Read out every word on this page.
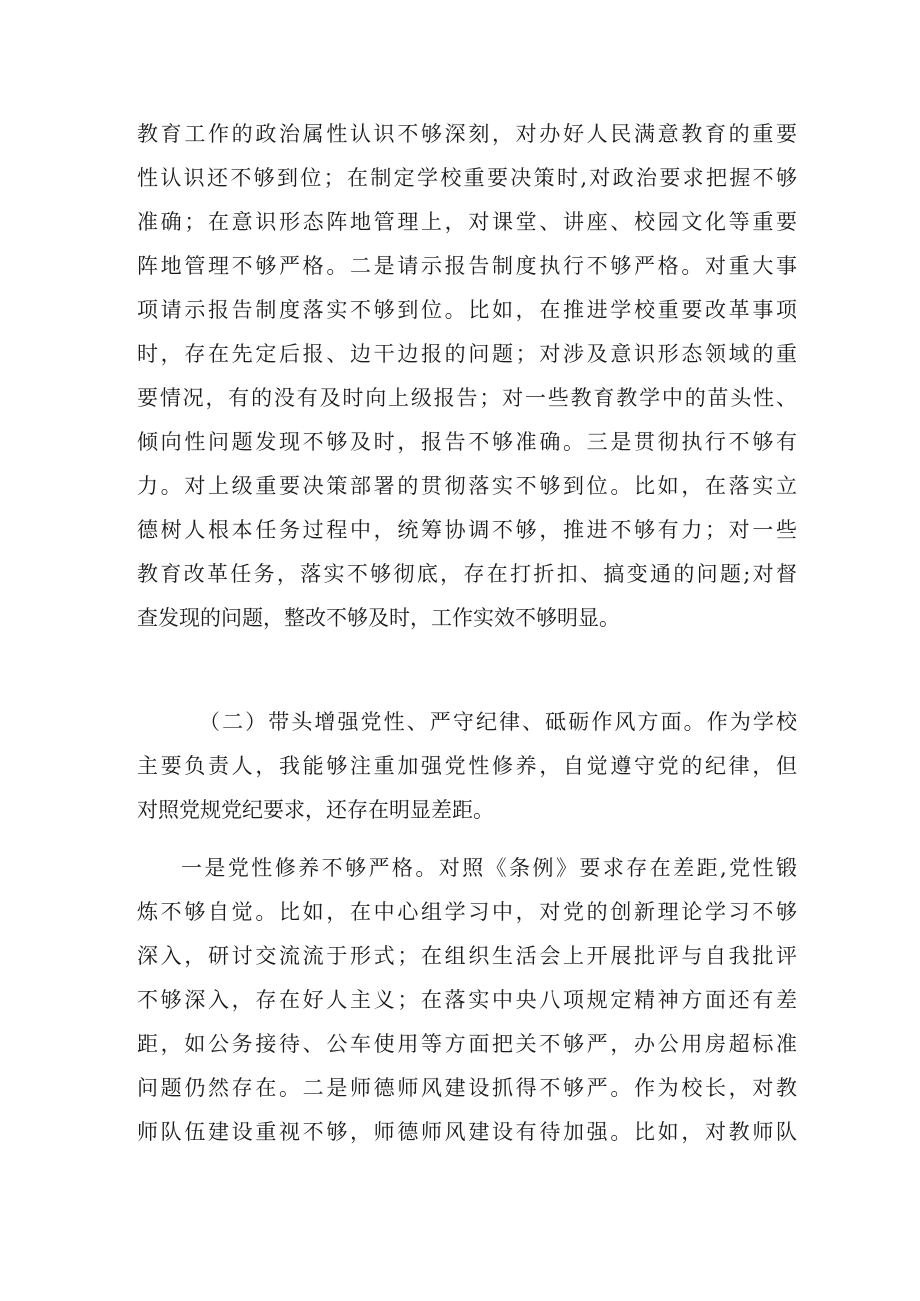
教育工作的政治属性认识不够深刻，对办好人民满意教育的重要
性认识还不够到位；在制定学校重要决策时,对政治要求把握不够
准确；在意识形态阵地管理上，对课堂、讲座、校园文化等重要
阵地管理不够严格。二是请示报告制度执行不够严格。对重大事
项请示报告制度落实不够到位。比如，在推进学校重要改革事项
时，存在先定后报、边干边报的问题；对涉及意识形态领域的重
要情况，有的没有及时向上级报告；对一些教育教学中的苗头性、
倾向性问题发现不够及时，报告不够准确。三是贯彻执行不够有
力。对上级重要决策部署的贯彻落实不够到位。比如，在落实立
德树人根本任务过程中，统筹协调不够，推进不够有力；对一些
教育改革任务，落实不够彻底，存在打折扣、搞变通的问题;对督
查发现的问题，整改不够及时，工作实效不够明显。
（二）带头增强党性、严守纪律、砥砺作风方面。作为学校
主要负责人，我能够注重加强党性修养，自觉遵守党的纪律，但
对照党规党纪要求，还存在明显差距。
一是党性修养不够严格。对照《条例》要求存在差距,党性锻
炼不够自觉。比如，在中心组学习中，对党的创新理论学习不够
深入，研讨交流流于形式；在组织生活会上开展批评与自我批评
不够深入，存在好人主义；在落实中央八项规定精神方面还有差
距，如公务接待、公车使用等方面把关不够严，办公用房超标准
问题仍然存在。二是师德师风建设抓得不够严。作为校长，对教
师队伍建设重视不够，师德师风建设有待加强。比如，对教师队
